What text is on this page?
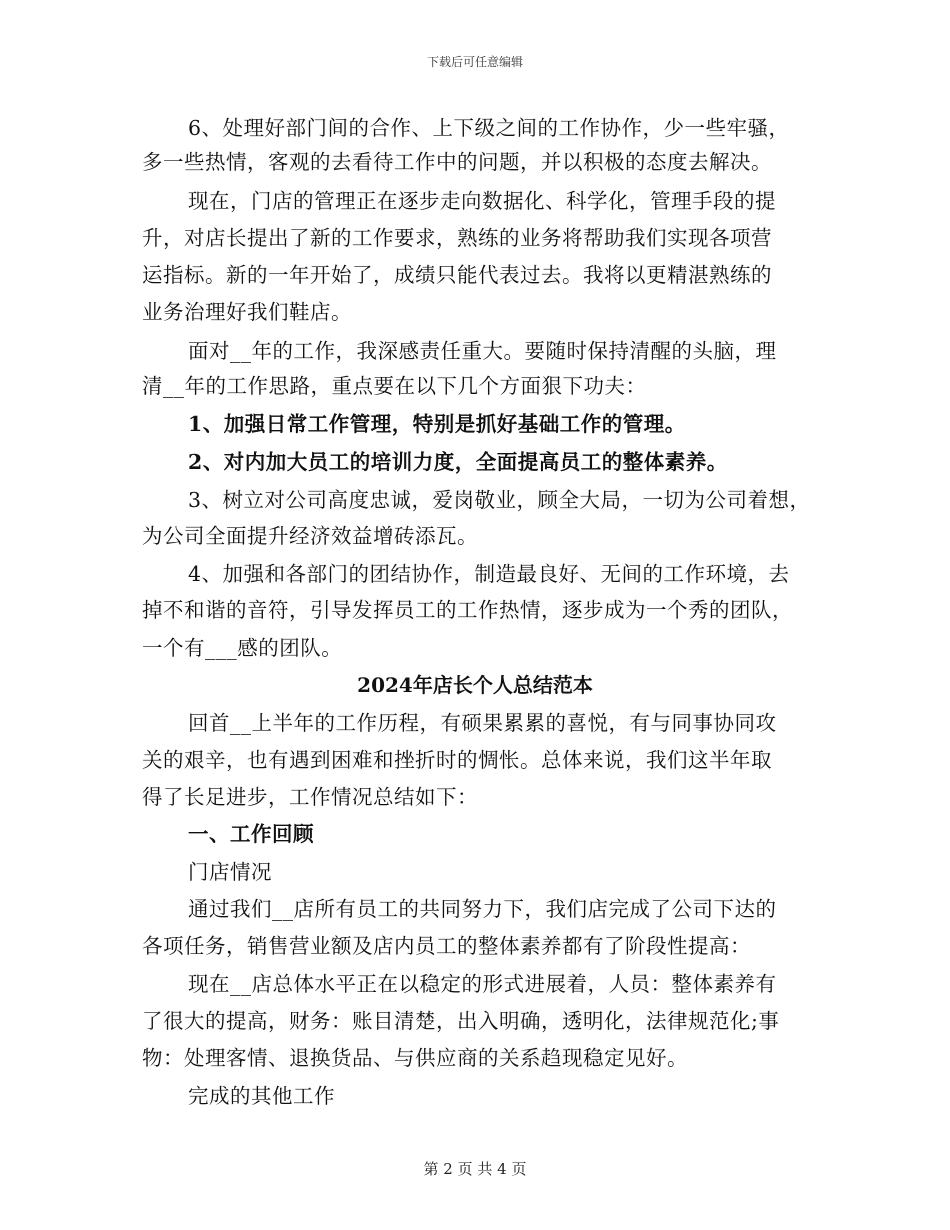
下载后可任意编辑
6、处理好部门间的合作、上下级之间的工作协作，少一些牢骚，
多一些热情，客观的去看待工作中的问题，并以积极的态度去解决。
现在，门店的管理正在逐步走向数据化、科学化，管理手段的提
升，对店长提出了新的工作要求，熟练的业务将帮助我们实现各项营
运指标。新的一年开始了，成绩只能代表过去。我将以更精湛熟练的
业务治理好我们鞋店。
面对__年的工作，我深感责任重大。要随时保持清醒的头脑，理
清__年的工作思路，重点要在以下几个方面狠下功夫：
1、加强日常工作管理，特别是抓好基础工作的管理。
2、对内加大员工的培训力度，全面提高员工的整体素养。
3、树立对公司高度忠诚，爱岗敬业，顾全大局，一切为公司着想，
为公司全面提升经济效益增砖添瓦。
4、加强和各部门的团结协作，制造最良好、无间的工作环境，去
掉不和谐的音符，引导发挥员工的工作热情，逐步成为一个秀的团队，
一个有___感的团队。
2024年店长个人总结范本
回首__上半年的工作历程，有硕果累累的喜悦，有与同事协同攻
关的艰辛，也有遇到困难和挫折时的惆怅。总体来说，我们这半年取
得了长足进步，工作情况总结如下：
一、工作回顾
门店情况
通过我们__店所有员工的共同努力下，我们店完成了公司下达的
各项任务，销售营业额及店内员工的整体素养都有了阶段性提高：
现在__店总体水平正在以稳定的形式进展着，人员：整体素养有
了很大的提高，财务：账目清楚，出入明确，透明化，法律规范化;事
物：处理客情、退换货品、与供应商的关系趋现稳定见好。
完成的其他工作
第 2 页 共 4 页
